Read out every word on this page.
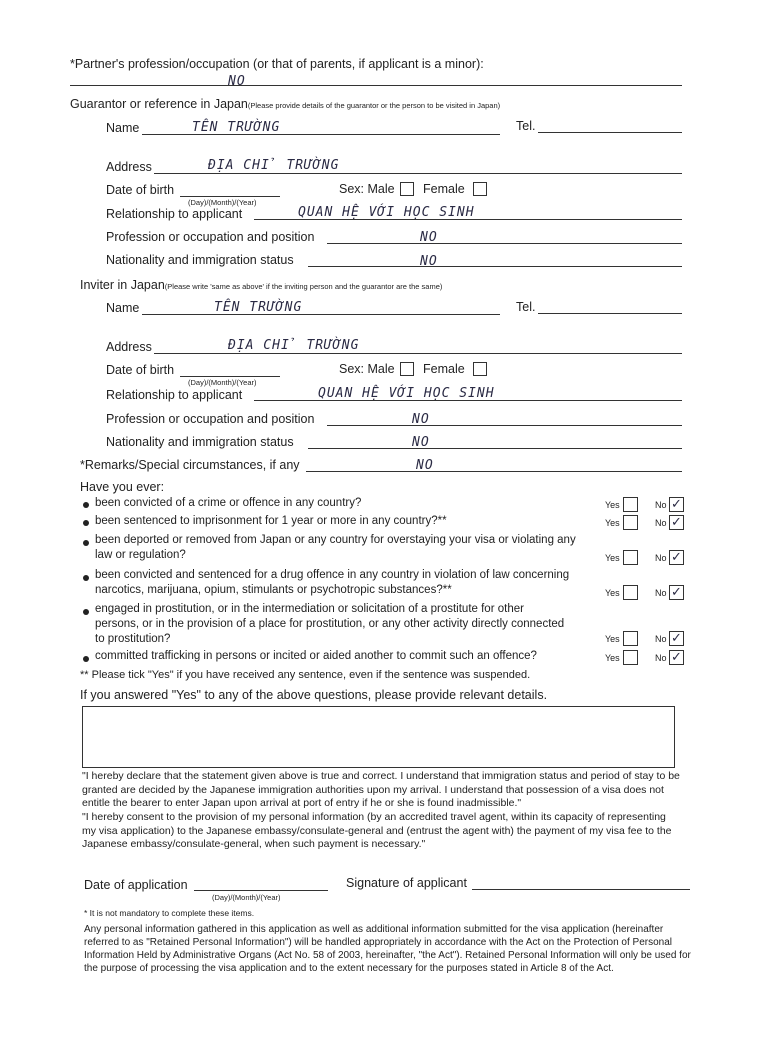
*Partner's profession/occupation (or that of parents, if applicant is a minor):
NO
Guarantor or reference in Japan(Please provide details of the guarantor or the person to be visited in Japan)
Name	TÊN TRƯỜNG	Tel.
Address	ĐỊA CHỈ TRƯỜNG
Date of birth
(Day)/(Month)/(Year)
Sex: Male Female
Relationship to applicant	QUAN HỆ VỚI HỌC SINH
Profession or occupation and position	NO
Nationality and immigration status	NO
Inviter in Japan(Please write 'same as above' if the inviting person and the guarantor are the same)
Name	TÊN TRƯỜNG	Tel.
Address	ĐỊA CHỈ TRƯỜNG
Date of birth
(Day)/(Month)/(Year)
Sex: Male Female
Relationship to applicant	QUAN HỆ VỚI HỌC SINH
Profession or occupation and position	NO
Nationality and immigration status	NO
*Remarks/Special circumstances, if any	NO
Have you ever:
been convicted of a crime or offence in any country?	Yes	No ✓
been sentenced to imprisonment for 1 year or more in any country?**	Yes	No ✓
been deported or removed from Japan or any country for overstaying your visa or violating any law or regulation?	Yes	No ✓
been convicted and sentenced for a drug offence in any country in violation of law concerning narcotics, marijuana, opium, stimulants or psychotropic substances?**	Yes	No ✓
engaged in prostitution, or in the intermediation or solicitation of a prostitute for other persons, or in the provision of a place for prostitution, or any other activity directly connected to prostitution?	Yes	No ✓
committed trafficking in persons or incited or aided another to commit such an offence?	Yes	No ✓
** Please tick "Yes" if you have received any sentence, even if the sentence was suspended.
If you answered "Yes" to any of the above questions, please provide relevant details.
"I hereby declare that the statement given above is true and correct. I understand that immigration status and period of stay to be granted are decided by the Japanese immigration authorities upon my arrival. I understand that possession of a visa does not entitle the bearer to enter Japan upon arrival at port of entry if he or she is found inadmissible."
"I hereby consent to the provision of my personal information (by an accredited travel agent, within its capacity of representing my visa application) to the Japanese embassy/consulate-general and (entrust the agent with) the payment of my visa fee to the Japanese embassy/consulate-general, when such payment is necessary."
Date of application
(Day)/(Month)/(Year)
Signature of applicant
* It is not mandatory to complete these items.
Any personal information gathered in this application as well as additional information submitted for the visa application (hereinafter referred to as "Retained Personal Information") will be handled appropriately in accordance with the Act on the Protection of Personal Information Held by Administrative Organs (Act No. 58 of 2003, hereinafter, "the Act"). Retained Personal Information will only be used for the purpose of processing the visa application and to the extent necessary for the purposes stated in Article 8 of the Act.
